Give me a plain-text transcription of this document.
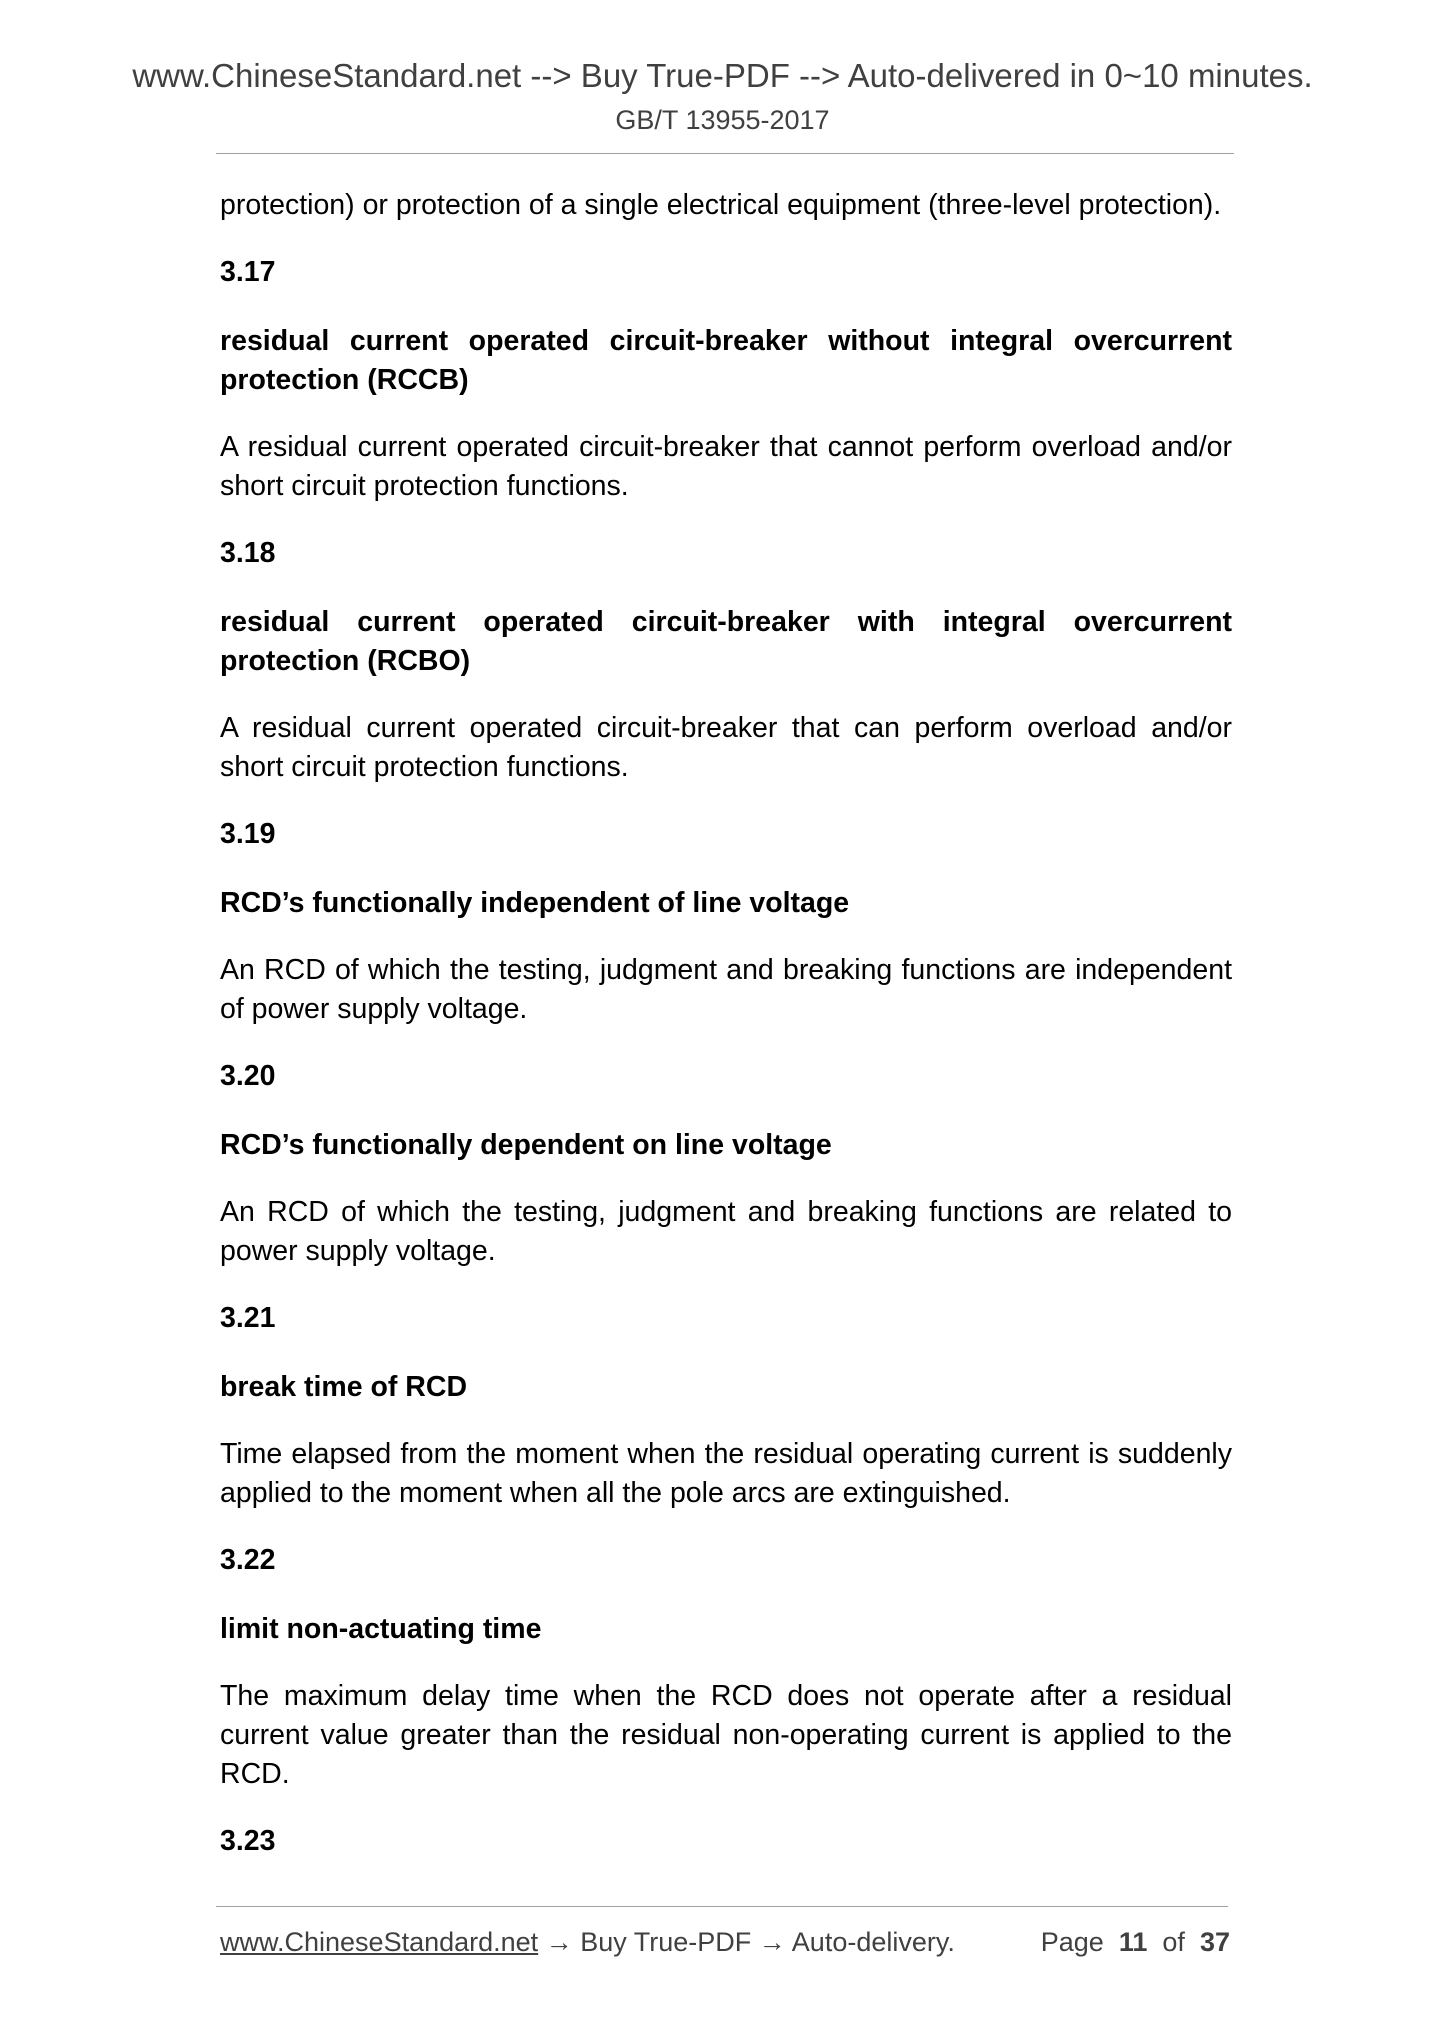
www.ChineseStandard.net --> Buy True-PDF --> Auto-delivered in 0~10 minutes.
GB/T 13955-2017

protection) or protection of a single electrical equipment (three-level protection).

3.17

residual current operated circuit-breaker without integral overcurrent protection (RCCB)

A residual current operated circuit-breaker that cannot perform overload and/or short circuit protection functions.

3.18

residual current operated circuit-breaker with integral overcurrent protection (RCBO)

A residual current operated circuit-breaker that can perform overload and/or short circuit protection functions.

3.19

RCD’s functionally independent of line voltage

An RCD of which the testing, judgment and breaking functions are independent of power supply voltage.

3.20

RCD’s functionally dependent on line voltage

An RCD of which the testing, judgment and breaking functions are related to power supply voltage.

3.21

break time of RCD

Time elapsed from the moment when the residual operating current is suddenly applied to the moment when all the pole arcs are extinguished.

3.22

limit non-actuating time

The maximum delay time when the RCD does not operate after a residual current value greater than the residual non-operating current is applied to the RCD.

3.23

www.ChineseStandard.net → Buy True-PDF → Auto-delivery.	Page 11 of 37
